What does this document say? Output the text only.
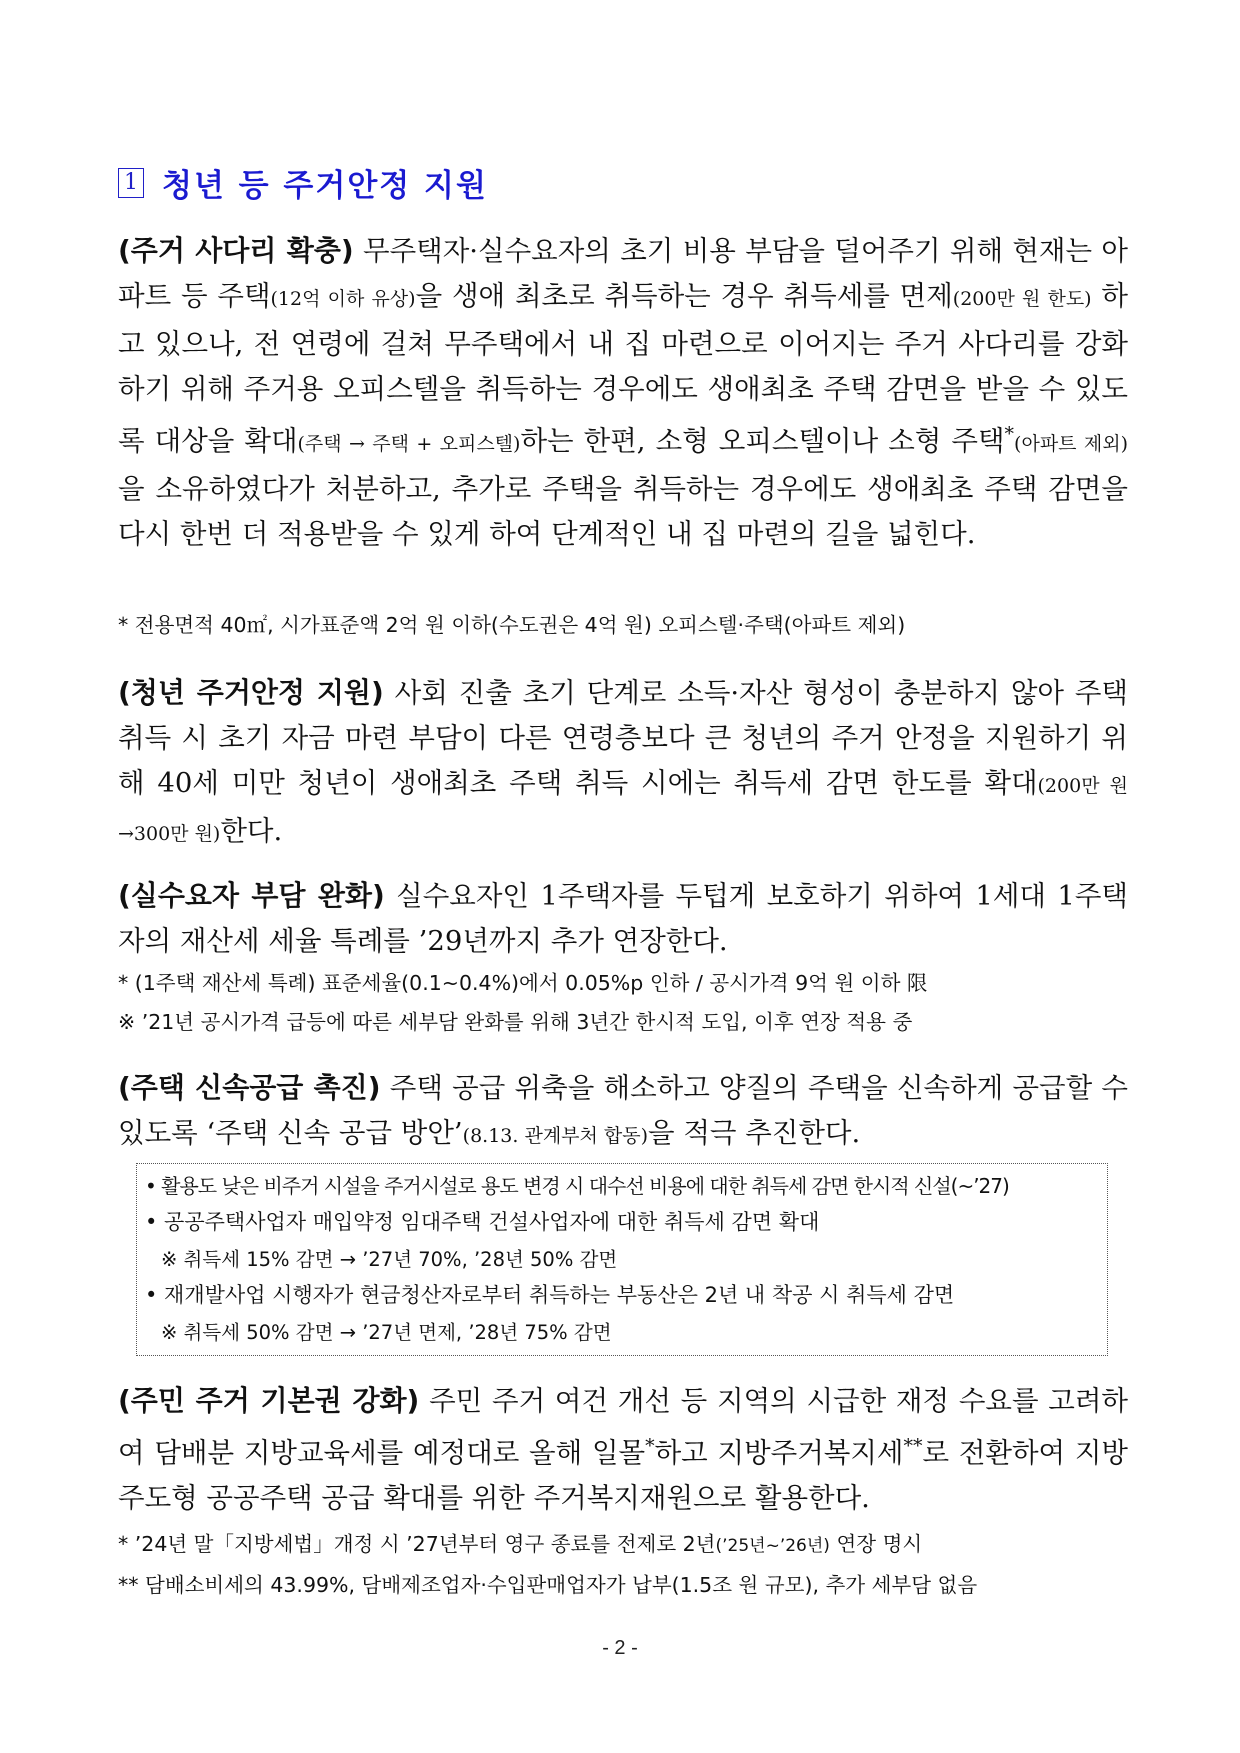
1 청년 등 주거안정 지원

(주거 사다리 확충) 무주택자·실수요자의 초기 비용 부담을 덜어주기 위해 현재는 아파트 등 주택(12억 이하 유상)을 생애 최초로 취득하는 경우 취득세를 면제(200만 원 한도) 하고 있으나, 전 연령에 걸쳐 무주택에서 내 집 마련으로 이어지는 주거 사다리를 강화하기 위해 주거용 오피스텔을 취득하는 경우에도 생애최초 주택 감면을 받을 수 있도록 대상을 확대(주택 → 주택 + 오피스텔)하는 한편, 소형 오피스텔이나 소형 주택*(아파트 제외)을 소유하였다가 처분하고, 추가로 주택을 취득하는 경우에도 생애최초 주택 감면을 다시 한번 더 적용받을 수 있게 하여 단계적인 내 집 마련의 길을 넓힌다.

* 전용면적 40㎡, 시가표준액 2억 원 이하(수도권은 4억 원) 오피스텔·주택(아파트 제외)

(청년 주거안정 지원) 사회 진출 초기 단계로 소득·자산 형성이 충분하지 않아 주택 취득 시 초기 자금 마련 부담이 다른 연령층보다 큰 청년의 주거 안정을 지원하기 위해 40세 미만 청년이 생애최초 주택 취득 시에는 취득세 감면 한도를 확대(200만 원→300만 원)한다.

(실수요자 부담 완화) 실수요자인 1주택자를 두텁게 보호하기 위하여 1세대 1주택자의 재산세 세율 특례를 ’29년까지 추가 연장한다.

* (1주택 재산세 특례) 표준세율(0.1~0.4%)에서 0.05%p 인하 / 공시가격 9억 원 이하 限

※ ’21년 공시가격 급등에 따른 세부담 완화를 위해 3년간 한시적 도입, 이후 연장 적용 중

(주택 신속공급 촉진) 주택 공급 위축을 해소하고 양질의 주택을 신속하게 공급할 수 있도록 ‘주택 신속 공급 방안’(8.13. 관계부처 합동)을 적극 추진한다.

• 활용도 낮은 비주거 시설을 주거시설로 용도 변경 시 대수선 비용에 대한 취득세 감면 한시적 신설(~’27)
• 공공주택사업자 매입약정 임대주택 건설사업자에 대한 취득세 감면 확대
※ 취득세 15% 감면 → ’27년 70%, ’28년 50% 감면
• 재개발사업 시행자가 현금청산자로부터 취득하는 부동산은 2년 내 착공 시 취득세 감면
※ 취득세 50% 감면 → ’27년 면제, ’28년 75% 감면

(주민 주거 기본권 강화) 주민 주거 여건 개선 등 지역의 시급한 재정 수요를 고려하여 담배분 지방교육세를 예정대로 올해 일몰*하고 지방주거복지세**로 전환하여 지방 주도형 공공주택 공급 확대를 위한 주거복지재원으로 활용한다.

* ’24년 말「지방세법」개정 시 ’27년부터 영구 종료를 전제로 2년(’25년~’26년) 연장 명시

** 담배소비세의 43.99%, 담배제조업자·수입판매업자가 납부(1.5조 원 규모), 추가 세부담 없음

- 2 -
